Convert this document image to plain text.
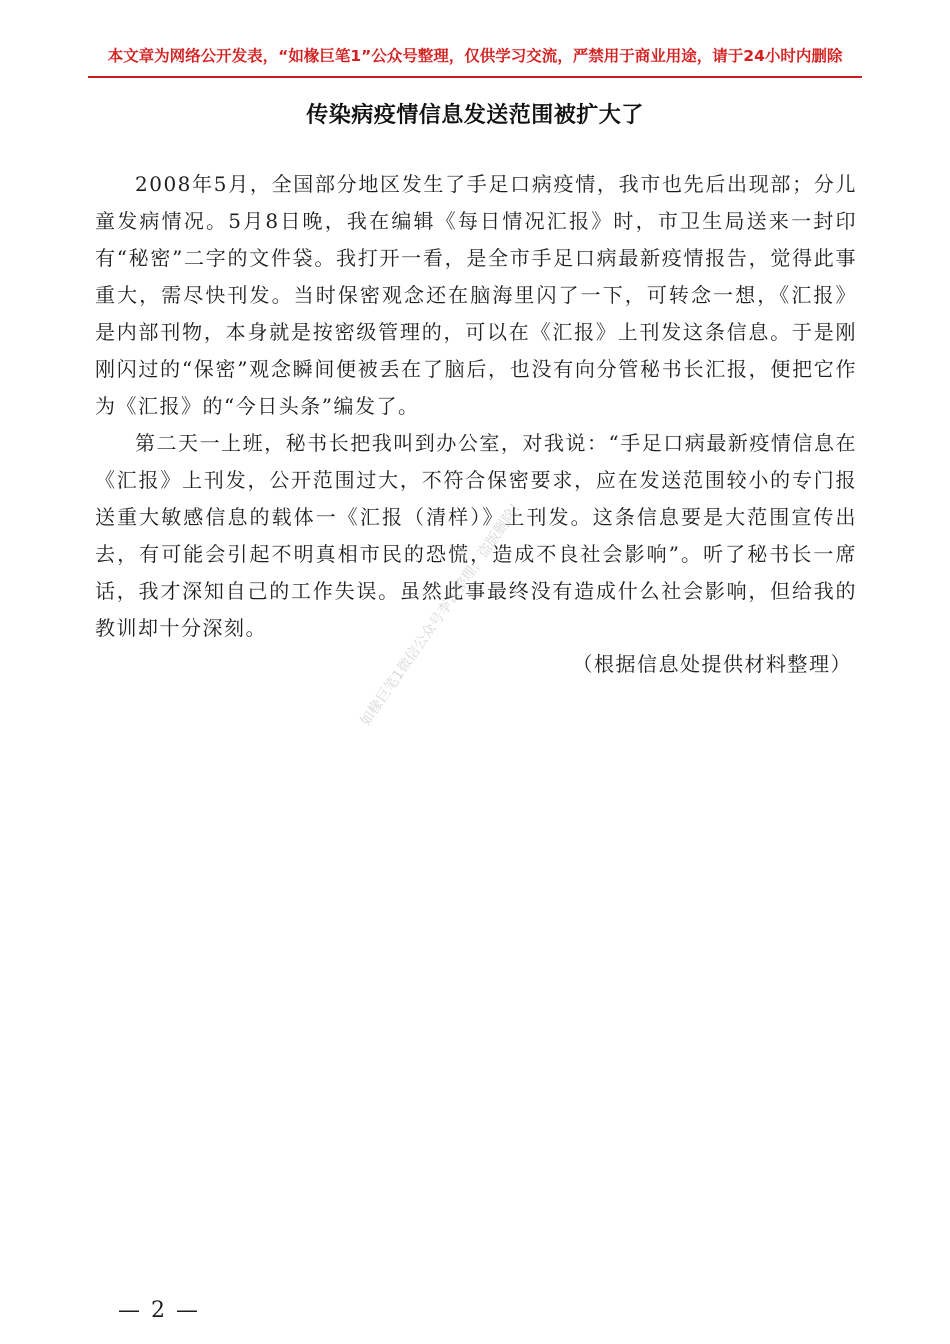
本文章为网络公开发表，“如椽巨笔1”公众号整理，仅供学习交流，严禁用于商业用途，请于24小时内删除
传染病疫情信息发送范围被扩大了

2008年5月，全国部分地区发生了手足口病疫情，我市也先后出现部；分儿童发病情况。5月8日晚，我在编辑《每日情况汇报》时，市卫生局送来一封印有“秘密”二字的文件袋。我打开一看，是全市手足口病最新疫情报告，觉得此事重大，需尽快刊发。当时保密观念还在脑海里闪了一下，可转念一想，《汇报》是内部刊物，本身就是按密级管理的，可以在《汇报》上刊发这条信息。于是刚刚闪过的“保密”观念瞬间便被丢在了脑后，也没有向分管秘书长汇报，便把它作为《汇报》的“今日头条”编发了。

第二天一上班，秘书长把我叫到办公室，对我说：“手足口病最新疫情信息在《汇报》上刊发，公开范围过大，不符合保密要求，应在发送范围较小的专门报送重大敏感信息的载体一《汇报（清样）》上刊发。这条信息要是大范围宣传出去，有可能会引起不明真相市民的恐慌，造成不良社会影响”。听了秘书长一席话，我才深知自己的工作失误。虽然此事最终没有造成什么社会影响，但给我的教训却十分深刻。

（根据信息处提供材料整理）
如椽巨笔1微信公众号李吉整理，盗版删除！
— 2 —
